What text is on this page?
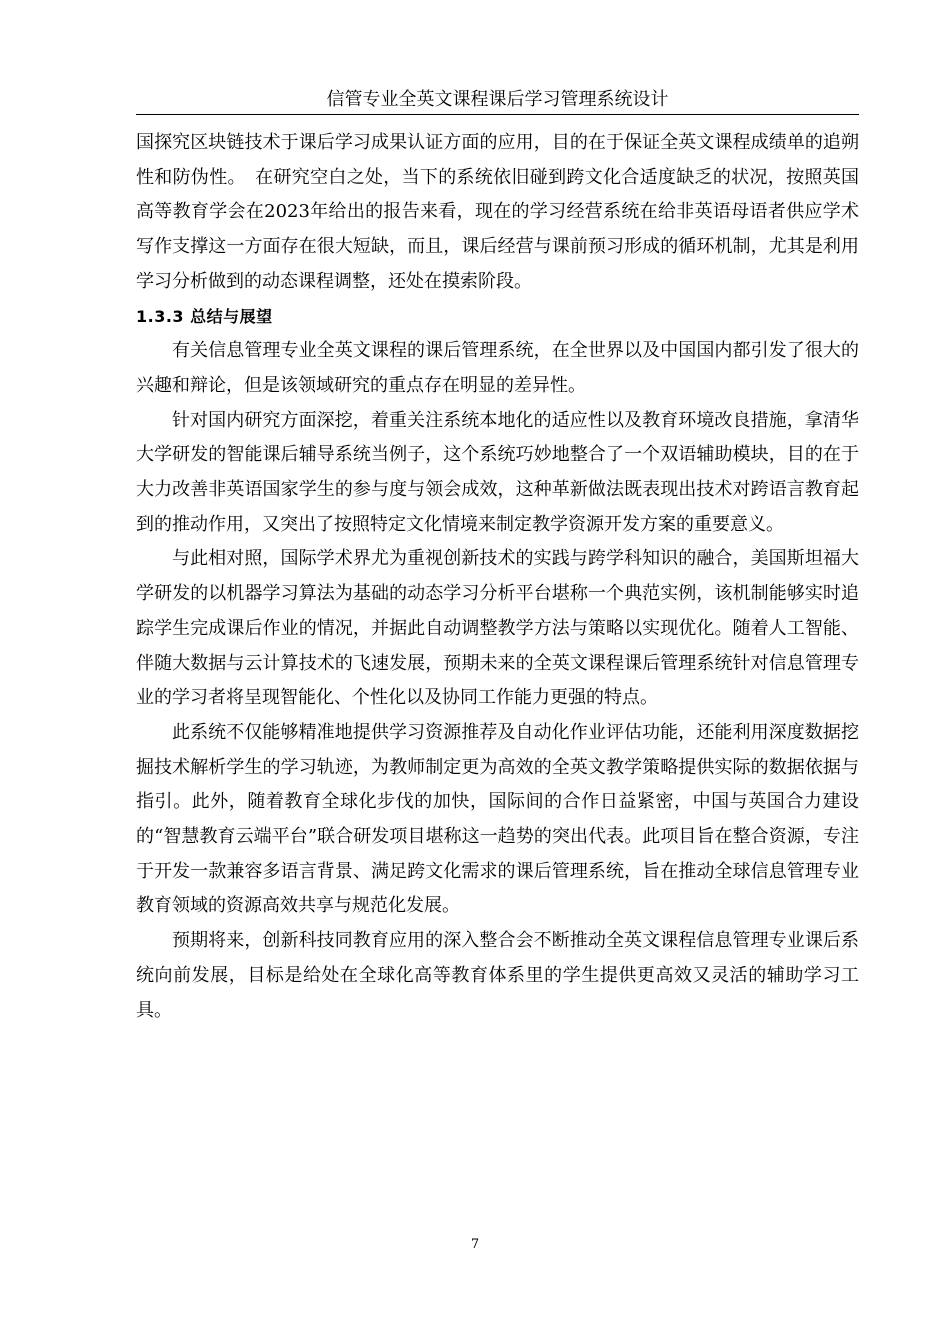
信管专业全英文课程课后学习管理系统设计

国探究区块链技术于课后学习成果认证方面的应用，目的在于保证全英文课程成绩单的追朔性和防伪性。　在研究空白之处，当下的系统依旧碰到跨文化合适度缺乏的状况，按照英国高等教育学会在2023年给出的报告来看，现在的学习经营系统在给非英语母语者供应学术写作支撑这一方面存在很大短缺，而且，课后经营与课前预习形成的循环机制，尤其是利用学习分析做到的动态课程调整，还处在摸索阶段。

1.3.3 总结与展望

有关信息管理专业全英文课程的课后管理系统，在全世界以及中国国内都引发了很大的兴趣和辩论，但是该领域研究的重点存在明显的差异性。

针对国内研究方面深挖，着重关注系统本地化的适应性以及教育环境改良措施，拿清华大学研发的智能课后辅导系统当例子，这个系统巧妙地整合了一个双语辅助模块，目的在于大力改善非英语国家学生的参与度与领会成效，这种革新做法既表现出技术对跨语言教育起到的推动作用，又突出了按照特定文化情境来制定教学资源开发方案的重要意义。

与此相对照，国际学术界尤为重视创新技术的实践与跨学科知识的融合，美国斯坦福大学研发的以机器学习算法为基础的动态学习分析平台堪称一个典范实例，该机制能够实时追踪学生完成课后作业的情况，并据此自动调整教学方法与策略以实现优化。随着人工智能、伴随大数据与云计算技术的飞速发展，预期未来的全英文课程课后管理系统针对信息管理专业的学习者将呈现智能化、个性化以及协同工作能力更强的特点。

此系统不仅能够精准地提供学习资源推荐及自动化作业评估功能，还能利用深度数据挖掘技术解析学生的学习轨迹，为教师制定更为高效的全英文教学策略提供实际的数据依据与指引。此外，随着教育全球化步伐的加快，国际间的合作日益紧密，中国与英国合力建设的“智慧教育云端平台”联合研发项目堪称这一趋势的突出代表。此项目旨在整合资源，专注于开发一款兼容多语言背景、满足跨文化需求的课后管理系统，旨在推动全球信息管理专业教育领域的资源高效共享与规范化发展。

预期将来，创新科技同教育应用的深入整合会不断推动全英文课程信息管理专业课后系统向前发展，目标是给处在全球化高等教育体系里的学生提供更高效又灵活的辅助学习工具。

7
